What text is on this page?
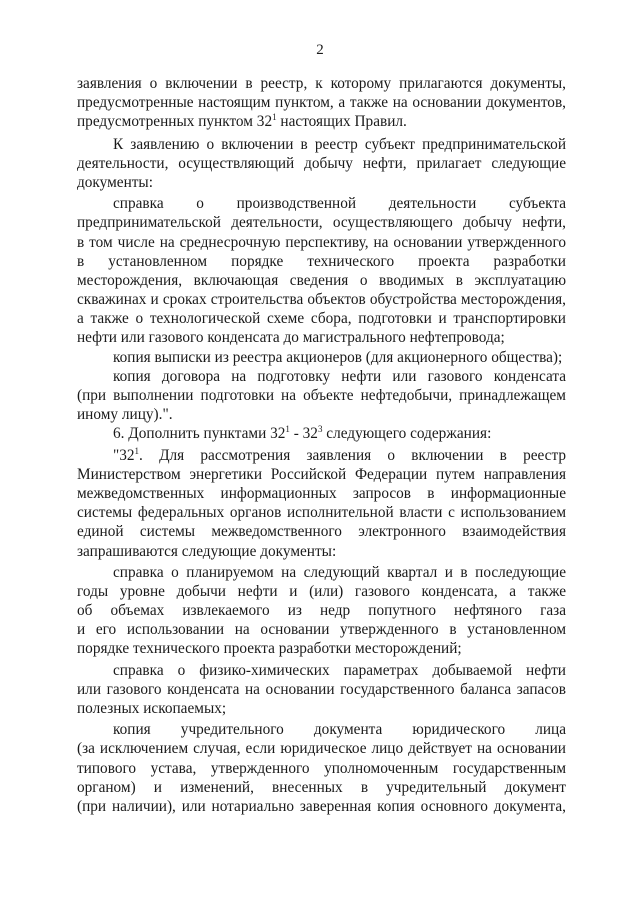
2
заявления о включении в реестр, к которому прилагаются документы,
предусмотренные настоящим пунктом, а также на основании документов,
предусмотренных пунктом $32^1$ настоящих Правил.
К заявлению о включении в реестр субъект предпринимательской
деятельности, осуществляющий добычу нефти, прилагает следующие
документы:
справка о производственной деятельности субъекта
предпринимательской деятельности, осуществляющего добычу нефти,
в том числе на среднесрочную перспективу, на основании утвержденного
в установленном порядке технического проекта разработки
месторождения, включающая сведения о вводимых в эксплуатацию
скважинах и сроках строительства объектов обустройства месторождения,
а также о технологической схеме сбора, подготовки и транспортировки
нефти или газового конденсата до магистрального нефтепровода;
копия выписки из реестра акционеров (для акционерного общества);
копия договора на подготовку нефти или газового конденсата
(при выполнении подготовки на объекте нефтедобычи, принадлежащем
иному лицу).".
6. Дополнить пунктами $32^1 - 32^3$ следующего содержания:
"$32^1$. Для рассмотрения заявления о включении в реестр
Министерством энергетики Российской Федерации путем направления
межведомственных информационных запросов в информационные
системы федеральных органов исполнительной власти с использованием
единой системы межведомственного электронного взаимодействия
запрашиваются следующие документы:
справка о планируемом на следующий квартал и в последующие
годы уровне добычи нефти и (или) газового конденсата, а также
об объемах извлекаемого из недр попутного нефтяного газа
и его использовании на основании утвержденного в установленном
порядке технического проекта разработки месторождений;
справка о физико-химических параметрах добываемой нефти
или газового конденсата на основании государственного баланса запасов
полезных ископаемых;
копия учредительного документа юридического лица
(за исключением случая, если юридическое лицо действует на основании
типового устава, утвержденного уполномоченным государственным
органом) и изменений, внесенных в учредительный документ
(при наличии), или нотариально заверенная копия основного документа,
